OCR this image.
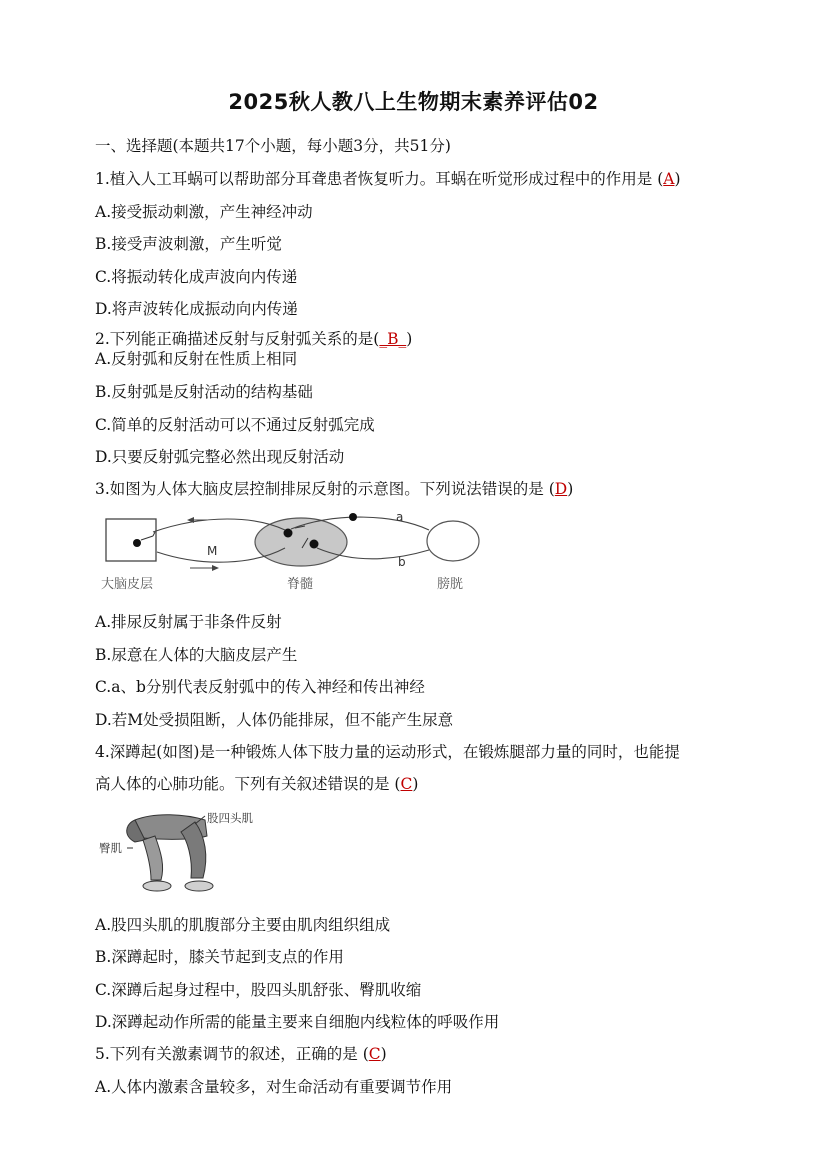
2025秋人教八上生物期末素养评估02
一、选择题(本题共17个小题，每小题3分，共51分)
1.植入人工耳蜗可以帮助部分耳聋患者恢复听力。耳蜗在听觉形成过程中的作用是 (A)
A.接受振动刺激，产生神经冲动
B.接受声波刺激，产生听觉
C.将振动转化成声波向内传递
D.将声波转化成振动向内传递
2.下列能正确描述反射与反射弧关系的是(_B_)
A.反射弧和反射在性质上相同
B.反射弧是反射活动的结构基础
C.简单的反射活动可以不通过反射弧完成
D.只要反射弧完整必然出现反射活动
3.如图为人体大脑皮层控制排尿反射的示意图。下列说法错误的是 (D)
a
b
M
大脑皮层	脊髓	膀胱
A.排尿反射属于非条件反射
B.尿意在人体的大脑皮层产生
C.a、b分别代表反射弧中的传入神经和传出神经
D.若M处受损阻断，人体仍能排尿，但不能产生尿意
4.深蹲起(如图)是一种锻炼人体下肢力量的运动形式，在锻炼腿部力量的同时，也能提
高人体的心肺功能。下列有关叙述错误的是 (C)
股四头肌
臀肌
A.股四头肌的肌腹部分主要由肌肉组织组成
B.深蹲起时，膝关节起到支点的作用
C.深蹲后起身过程中，股四头肌舒张、臀肌收缩
D.深蹲起动作所需的能量主要来自细胞内线粒体的呼吸作用
5.下列有关激素调节的叙述，正确的是 (C)
A.人体内激素含量较多，对生命活动有重要调节作用
